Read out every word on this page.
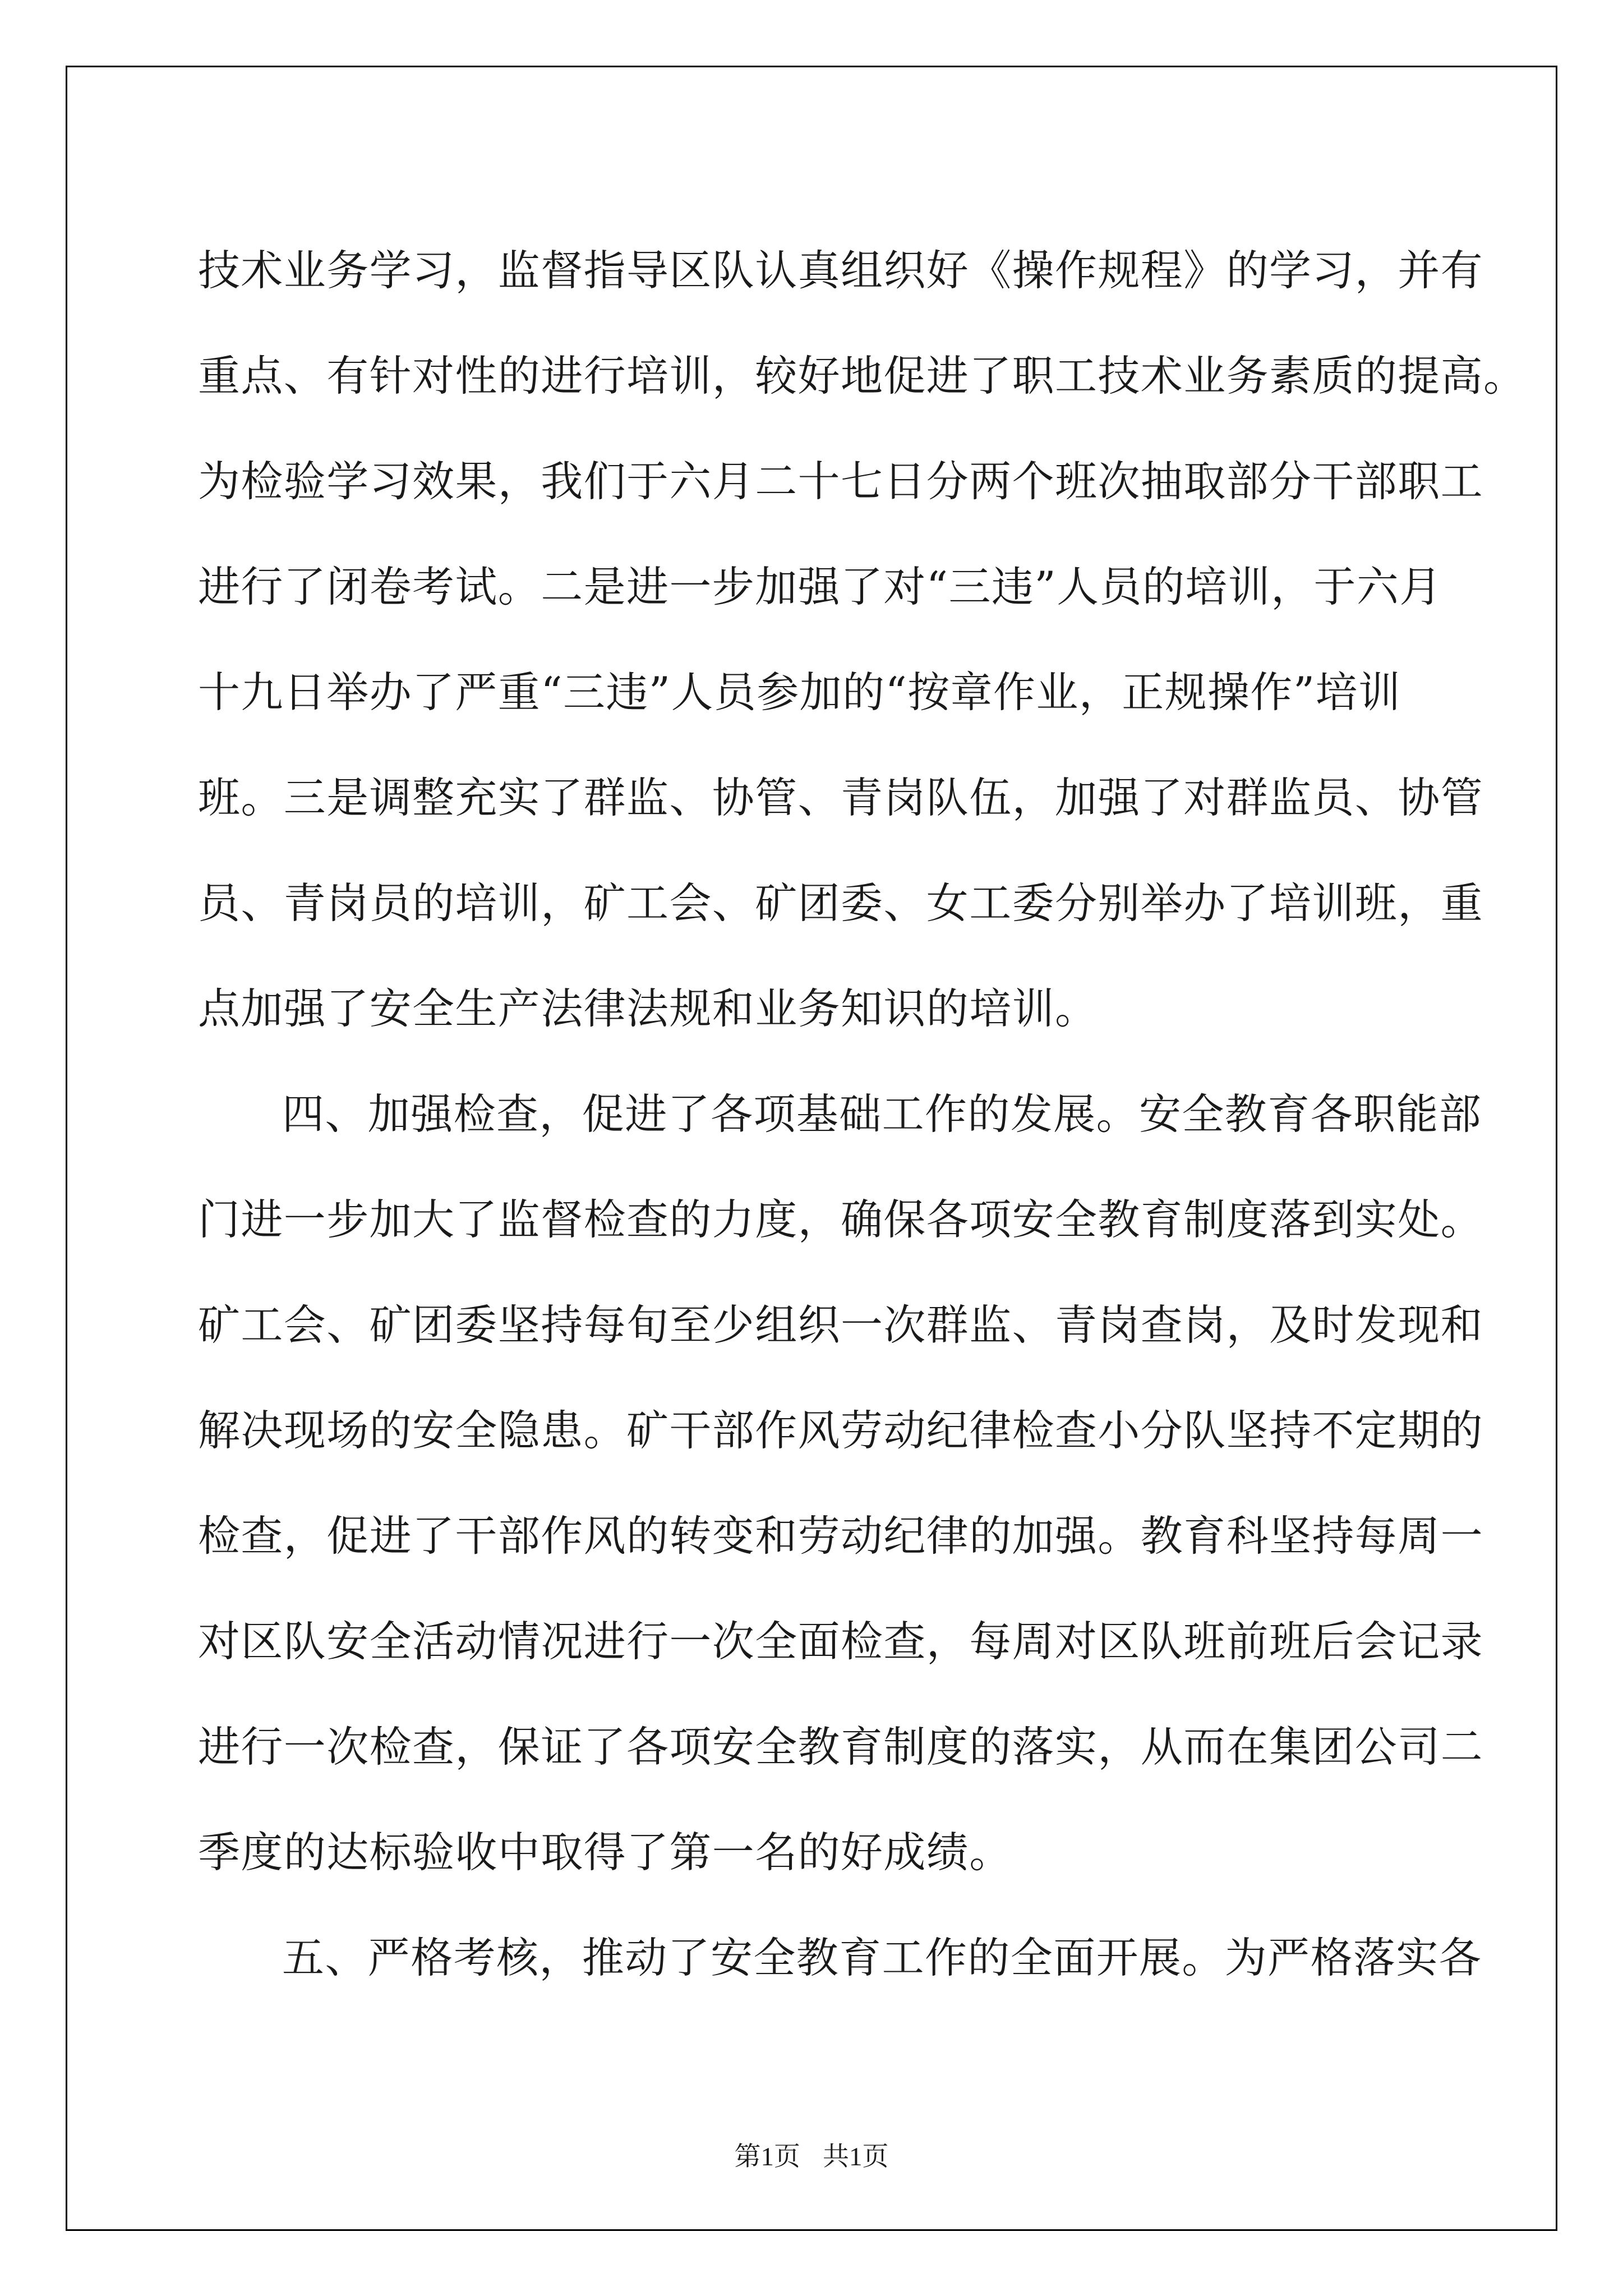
技术业务学习，监督指导区队认真组织好《操作规程》的学习，并有
重点、有针对性的进行培训，较好地促进了职工技术业务素质的提高。
为检验学习效果，我们于六月二十七日分两个班次抽取部分干部职工
进行了闭卷考试。二是进一步加强了对“三违”人员的培训，于六月
十九日举办了严重“三违”人员参加的“按章作业，正规操作”培训
班。三是调整充实了群监、协管、青岗队伍，加强了对群监员、协管
员、青岗员的培训，矿工会、矿团委、女工委分别举办了培训班，重
点加强了安全生产法律法规和业务知识的培训。
四、加强检查，促进了各项基础工作的发展。安全教育各职能部
门进一步加大了监督检查的力度，确保各项安全教育制度落到实处。
矿工会、矿团委坚持每旬至少组织一次群监、青岗查岗，及时发现和
解决现场的安全隐患。矿干部作风劳动纪律检查小分队坚持不定期的
检查，促进了干部作风的转变和劳动纪律的加强。教育科坚持每周一
对区队安全活动情况进行一次全面检查，每周对区队班前班后会记录
进行一次检查，保证了各项安全教育制度的落实，从而在集团公司二
季度的达标验收中取得了第一名的好成绩。
五、严格考核，推动了安全教育工作的全面开展。为严格落实各
第1页 共1页
